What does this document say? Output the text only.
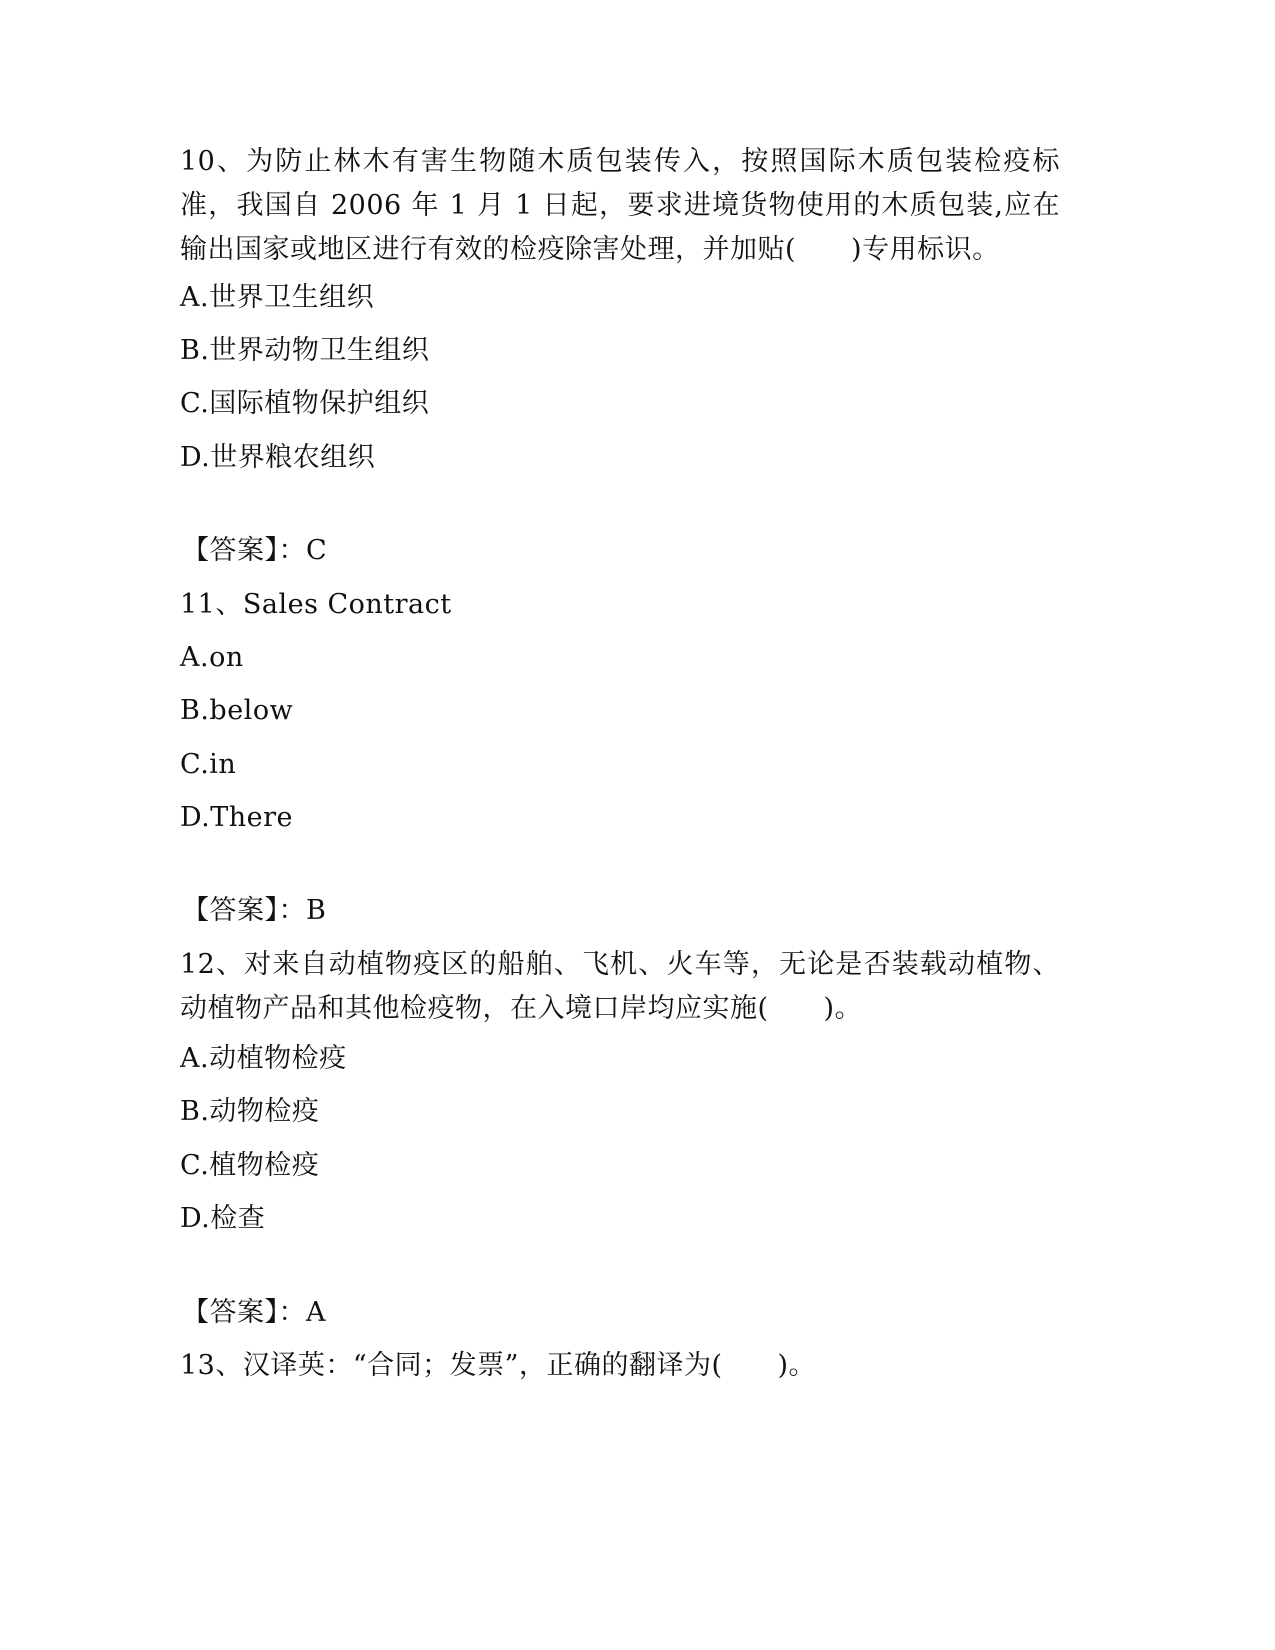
10、为防止林木有害生物随木质包装传入，按照国际木质包装检疫标准，我国自 2006 年 1 月 1 日起，要求进境货物使用的木质包装,应在输出国家或地区进行有效的检疫除害处理，并加贴(　　)专用标识。
A.世界卫生组织
B.世界动物卫生组织
C.国际植物保护组织
D.世界粮农组织
【答案】：C
11、Sales Contract
A.on
B.below
C.in
D.There
【答案】：B
12、对来自动植物疫区的船舶、飞机、火车等，无论是否装载动植物、动植物产品和其他检疫物，在入境口岸均应实施(　　)。
A.动植物检疫
B.动物检疫
C.植物检疫
D.检查
【答案】：A
13、汉译英：“合同；发票”，正确的翻译为(　　)。
